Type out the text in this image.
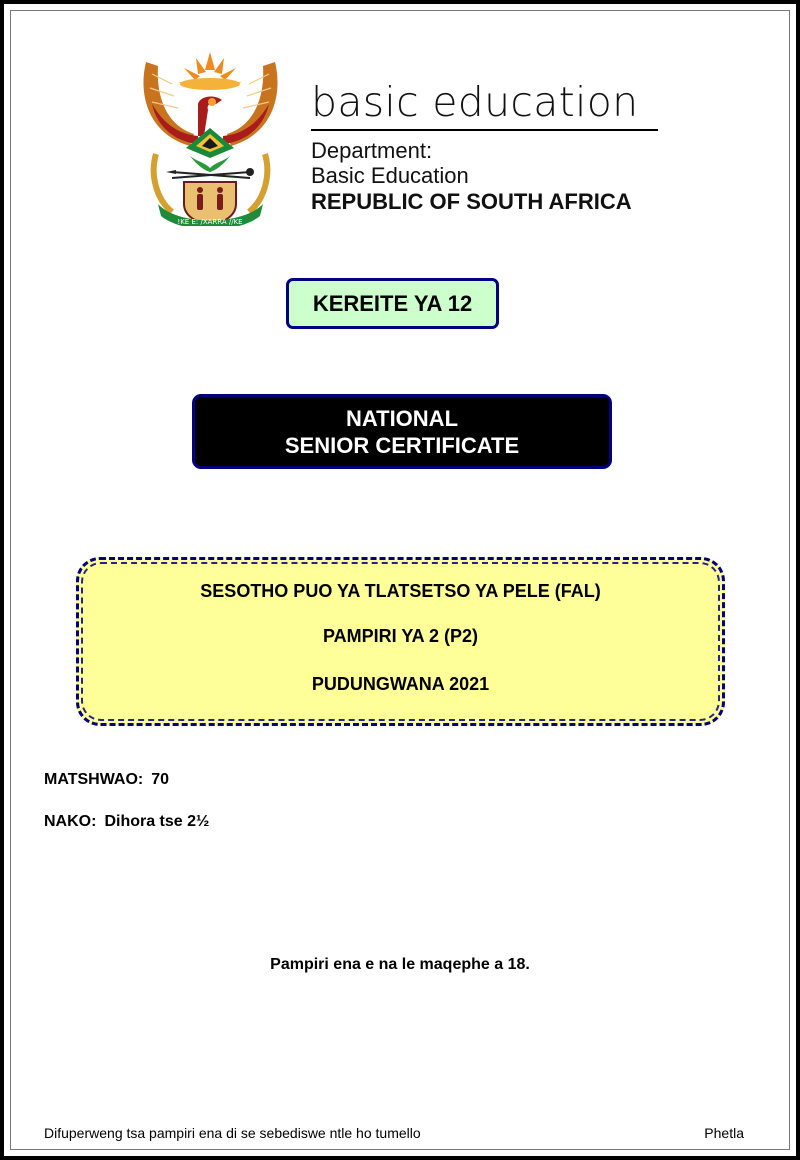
!KE E: /XARRA //KE
basic education
Department:
Basic Education
REPUBLIC OF SOUTH AFRICA
KEREITE YA 12
NATIONAL
SENIOR CERTIFICATE
SESOTHO PUO YA TLATSETSO YA PELE (FAL)
PAMPIRI YA 2 (P2)
PUDUNGWANA 2021
MATSHWAO: 70
NAKO: Dihora tse 2½
Pampiri ena e na le maqephe a 18.
Difuperweng tsa pampiri ena di se sebediswe ntle ho tumello	Phetla
